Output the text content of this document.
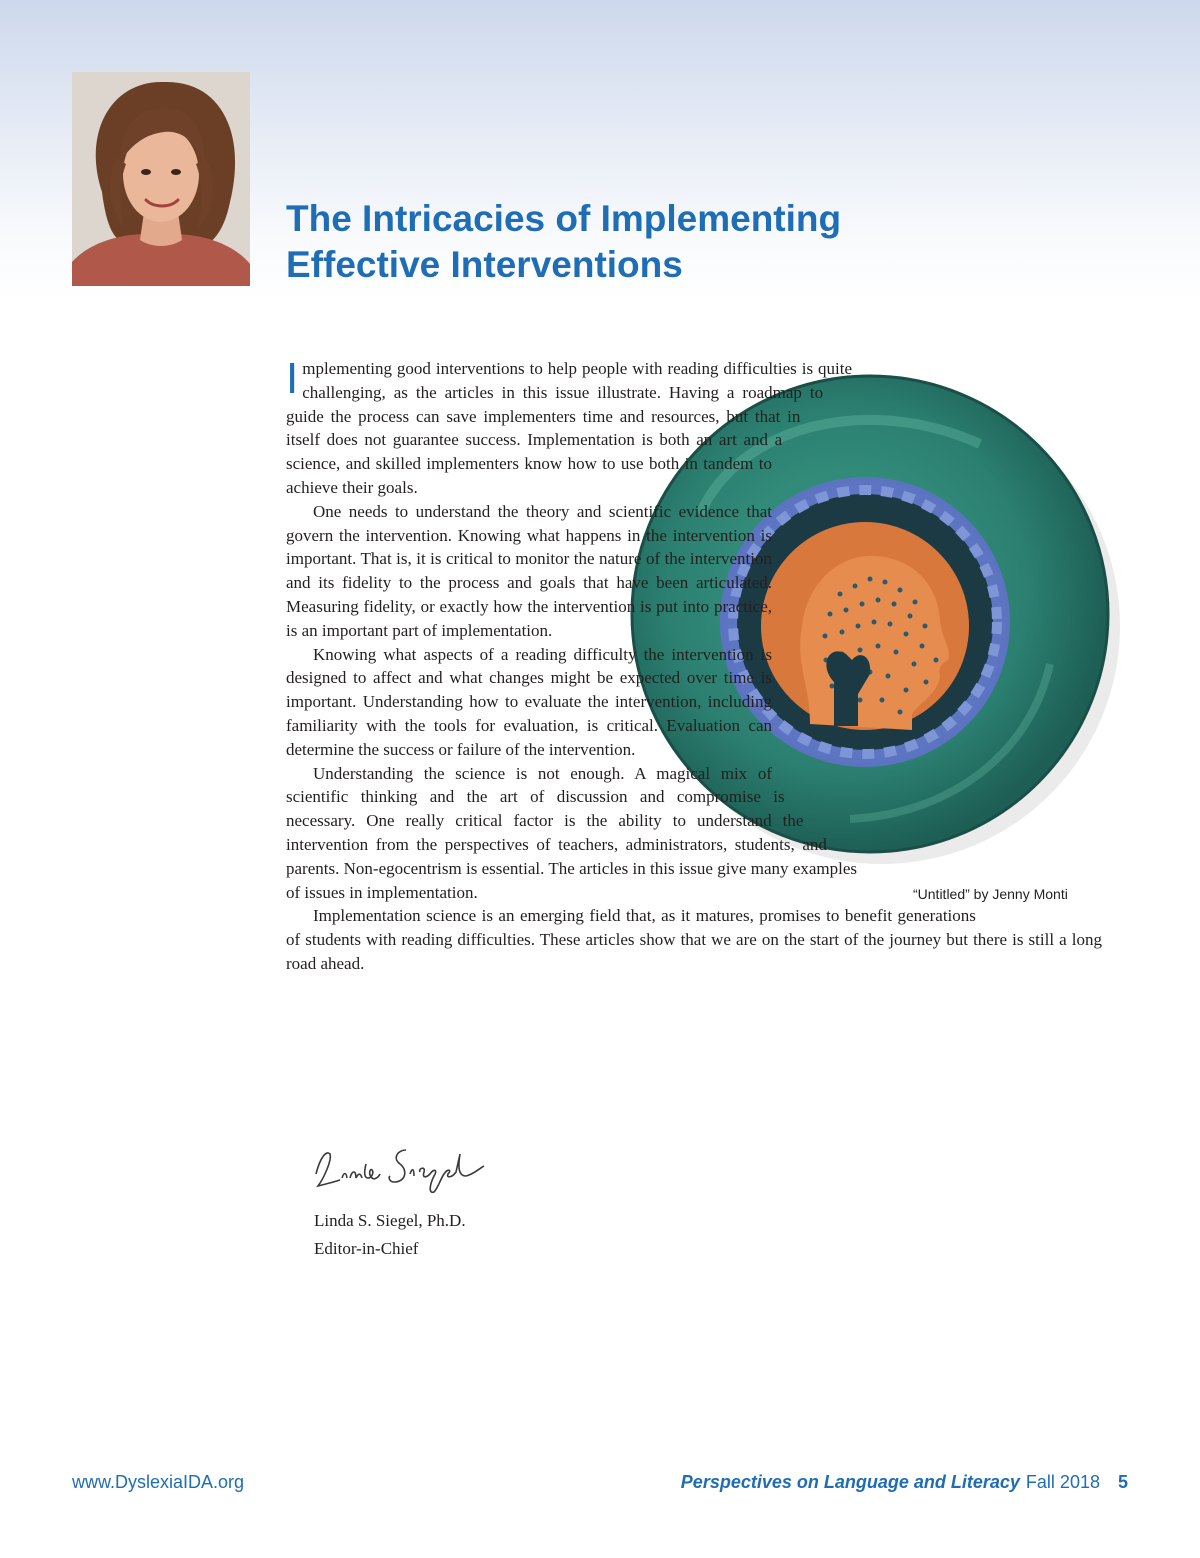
The Intricacies of Implementing
Effective Interventions
“Untitled” by Jenny Monti

Implementing good interventions to help people with reading difficulties is quite challenging, as the articles in this issue illustrate. Having a roadmap to guide the process can save implementers time and resources, but that in itself does not guarantee success. Implementation is both an art and a science, and skilled implementers know how to use both in tandem to achieve their goals.

One needs to understand the theory and scientific evidence that govern the intervention. Knowing what happens in the intervention is important. That is, it is critical to monitor the nature of the intervention and its fidelity to the process and goals that have been articulated. Measuring fidelity, or exactly how the intervention is put into practice, is an important part of implementation.

Knowing what aspects of a reading difficulty the intervention is designed to affect and what changes might be expected over time is important. Understanding how to evaluate the intervention, including familiarity with the tools for evaluation, is critical. Evaluation can determine the success or failure of the intervention.

Understanding the science is not enough. A magical mix of scientific thinking and the art of discussion and compromise is necessary. One really critical factor is the ability to understand the intervention from the perspectives of teachers, administrators, students, and parents. Non-egocentrism is essential. The articles in this issue give many examples of issues in implementation.

Implementation science is an emerging field that, as it matures, promises to benefit generations of students with reading difficulties. These articles show that we are on the start of the journey but there is still a long road ahead.

Linda S. Siegel, Ph.D.
Editor-in-Chief
www.DyslexiaIDA.org	Perspectives on Language and Literacy Fall 2018 5
